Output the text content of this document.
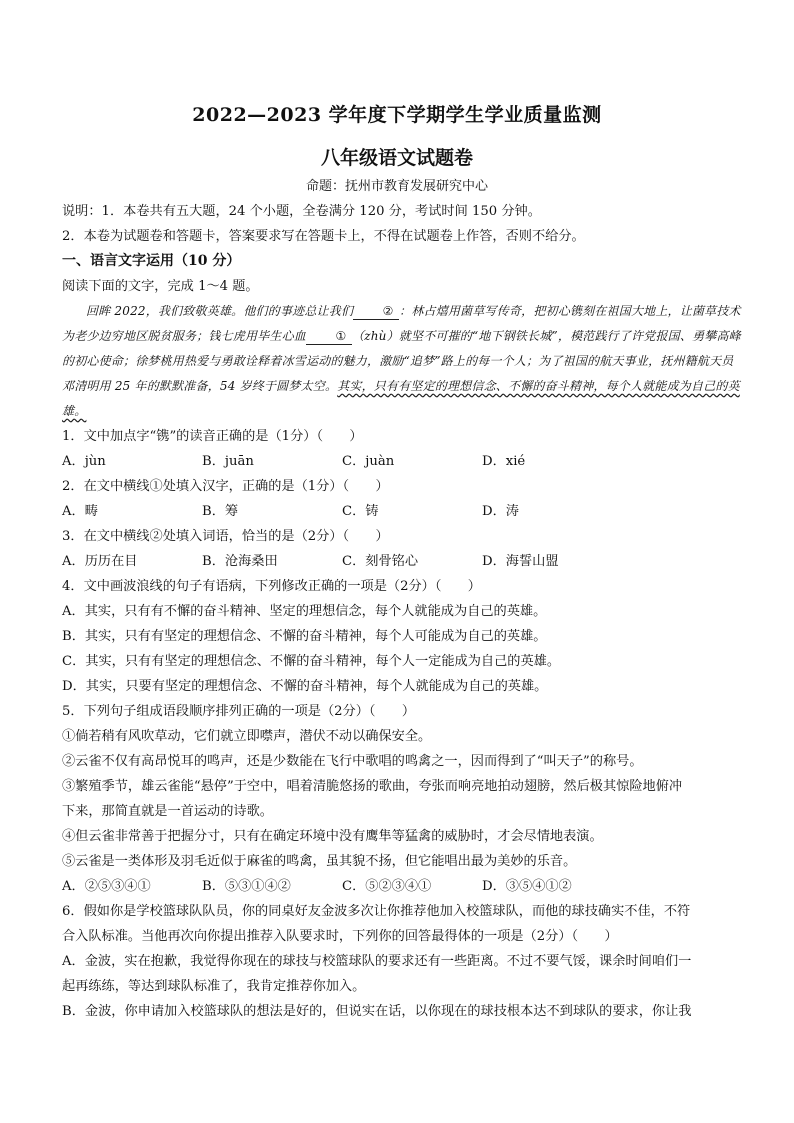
2022—2023 学年度下学期学生学业质量监测
八年级语文试题卷
命题：抚州市教育发展研究中心
说明：1．本卷共有五大题，24 个小题，全卷满分 120 分，考试时间 150 分钟。
2．本卷为试题卷和答题卡，答案要求写在答题卡上，不得在试题卷上作答，否则不给分。
一、语言文字运用（10 分）
阅读下面的文字，完成 1～4 题。
回眸 2022，我们致敬英雄。他们的事迹总让我们 ② ：林占熺用菌草写传奇，把初心镌刻在祖国大地上，让菌草技术为老少边穷地区脱贫服务；钱七虎用毕生心血 ① （zhù）就坚不可摧的“地下钢铁长城”，模范践行了许党报国、勇攀高峰的初心使命；徐梦桃用热爱与勇敢诠释着冰雪运动的魅力，激励“追梦”路上的每一个人；为了祖国的航天事业，抚州籍航天员邓清明用 25 年的默默准备，54 岁终于圆梦太空。其实，只有有坚定的理想信念、不懈的奋斗精神，每个人就能成为自己的英雄。
1．文中加点字“镌”的读音正确的是（1分）（　　）
A．jùn	B．juān	C．juàn	D．xié
2．在文中横线①处填入汉字，正确的是（1分）（　　）
A．畴	B．筹	C．铸	D．涛
3．在文中横线②处填入词语，恰当的是（2分）（　　）
A．历历在目	B．沧海桑田	C．刻骨铭心	D．海誓山盟
4．文中画波浪线的句子有语病，下列修改正确的一项是（2分）（　　）
A．其实，只有有不懈的奋斗精神、坚定的理想信念，每个人就能成为自己的英雄。
B．其实，只有有坚定的理想信念、不懈的奋斗精神，每个人可能成为自己的英雄。
C．其实，只有有坚定的理想信念、不懈的奋斗精神，每个人一定能成为自己的英雄。
D．其实，只要有坚定的理想信念、不懈的奋斗精神，每个人就能成为自己的英雄。
5．下列句子组成语段顺序排列正确的一项是（2分）（　　）
①倘若稍有风吹草动，它们就立即噤声，潜伏不动以确保安全。
②云雀不仅有高昂悦耳的鸣声，还是少数能在飞行中歌唱的鸣禽之一，因而得到了“叫天子”的称号。
③繁殖季节，雄云雀能“悬停”于空中，唱着清脆悠扬的歌曲，夸张而响亮地拍动翅膀，然后极其惊险地俯冲
下来，那简直就是一首运动的诗歌。
④但云雀非常善于把握分寸，只有在确定环境中没有鹰隼等猛禽的威胁时，才会尽情地表演。
⑤云雀是一类体形及羽毛近似于麻雀的鸣禽，虽其貌不扬，但它能唱出最为美妙的乐音。
A．②⑤③④①	B．⑤③①④②	C．⑤②③④①	D．③⑤④①②
6．假如你是学校篮球队队员，你的同桌好友金波多次让你推荐他加入校篮球队，而他的球技确实不佳，不符
合入队标准。当他再次向你提出推荐入队要求时，下列你的回答最得体的一项是（2分）（　　）
A．金波，实在抱歉，我觉得你现在的球技与校篮球队的要求还有一些距离。不过不要气馁，课余时间咱们一
起再练练，等达到球队标准了，我肯定推荐你加入。
B．金波，你申请加入校篮球队的想法是好的，但说实在话，以你现在的球技根本达不到球队的要求，你让我
